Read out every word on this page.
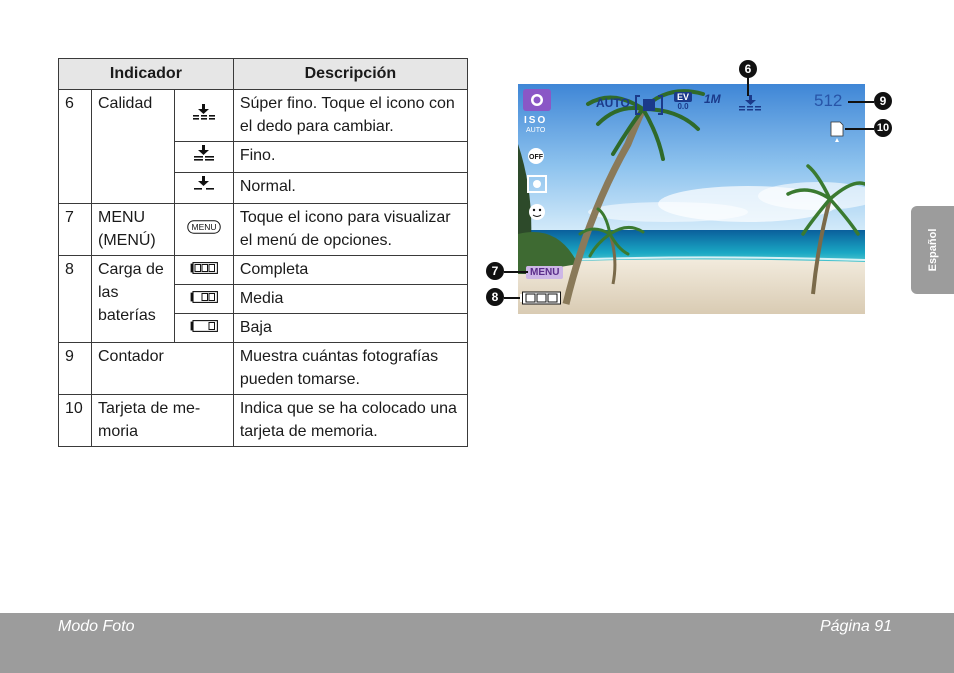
Indicador			Descripción
6	Calidad		Súper fino. Toque el icono con el dedo para cambiar.
	Fino.
	Normal.
7	MENU (MENÚ)	MENU	Toque el icono para visualizar el menú de opciones.
8	Carga de las baterías		Completa
	Media
	Baja
9	Contador		Muestra cuántas fotografías pueden tomarse.
10	Tarjeta de me- moria		Indica que se ha colocado una tarjeta de memoria.
OFF
AUTO	EV
0.0
1M	512
ISO
AUTO
MENU
6
9
10
7
8
Español
Modo Foto	Página 91
